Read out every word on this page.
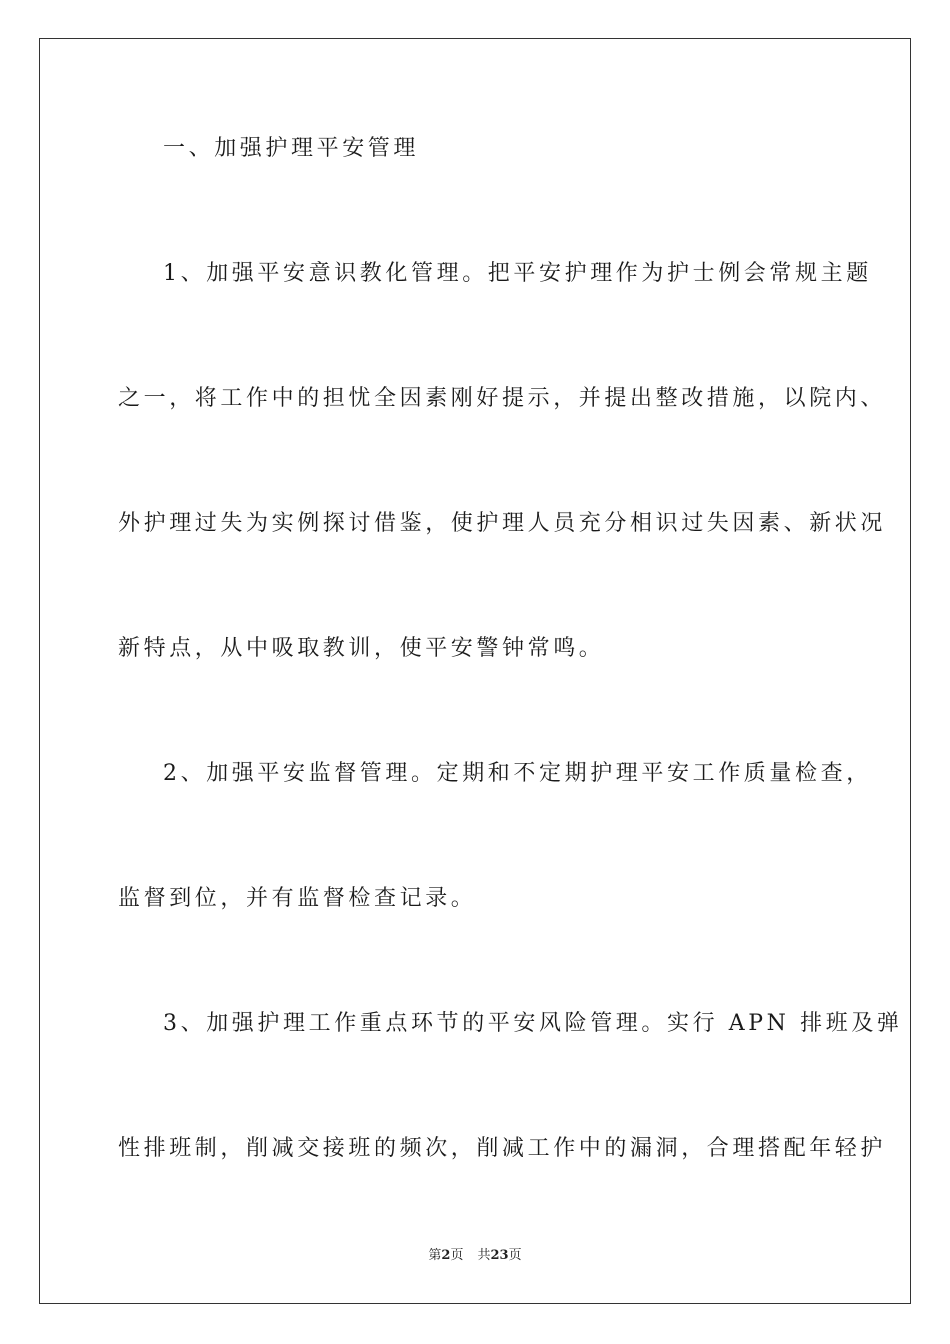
一、加强护理平安管理
1、加强平安意识教化管理。把平安护理作为护士例会常规主题
之一，将工作中的担忧全因素刚好提示，并提出整改措施，以院内、
外护理过失为实例探讨借鉴，使护理人员充分相识过失因素、新状况
新特点，从中吸取教训，使平安警钟常鸣。
2、加强平安监督管理。定期和不定期护理平安工作质量检查，
监督到位，并有监督检查记录。
3、加强护理工作重点环节的平安风险管理。实行 APN 排班及弹
性排班制，削减交接班的频次，削减工作中的漏洞，合理搭配年轻护
第2页 共23页
